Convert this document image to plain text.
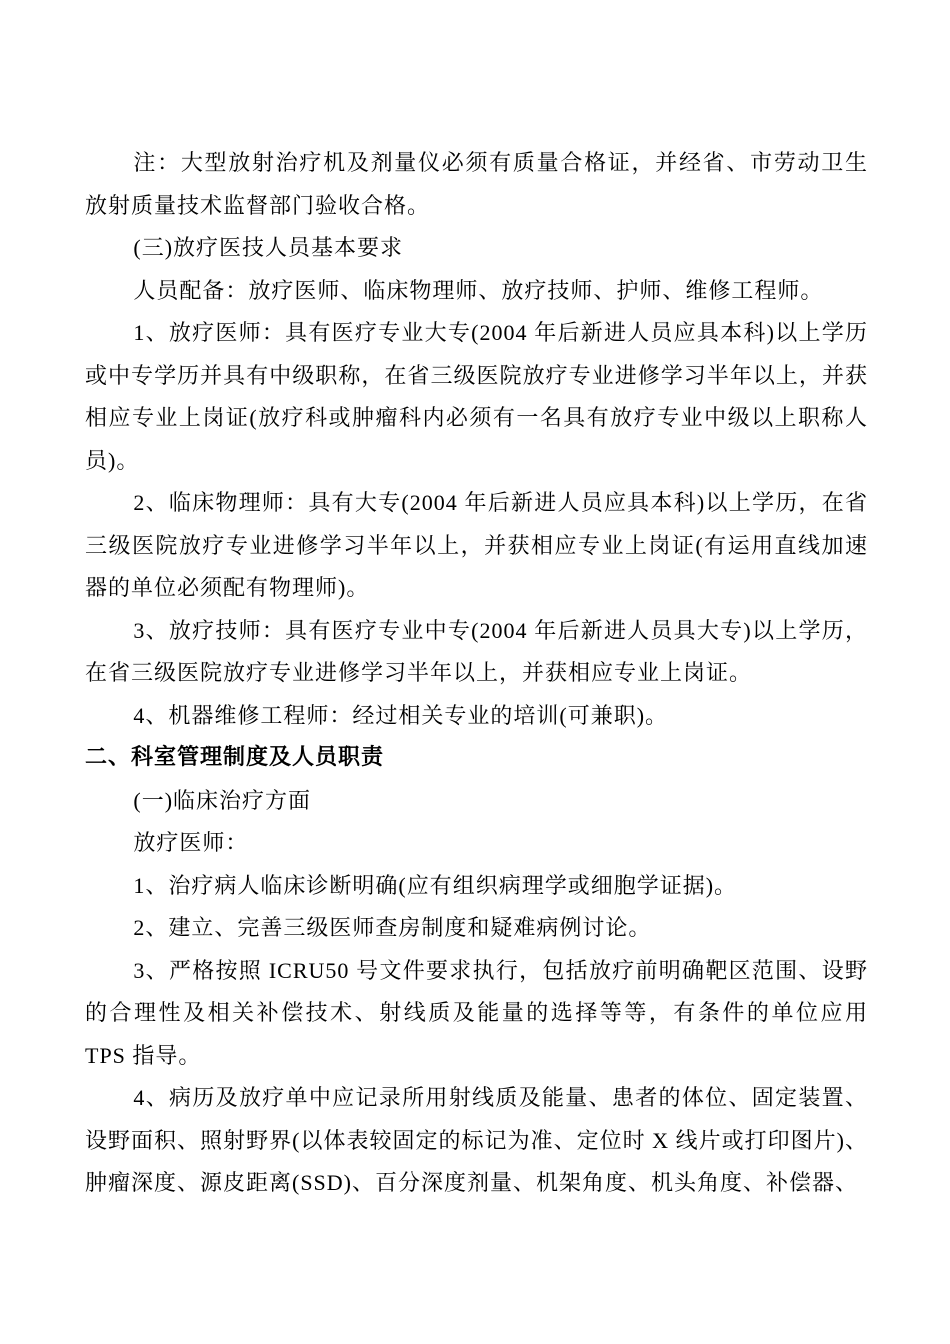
注：大型放射治疗机及剂量仪必须有质量合格证，并经省、市劳动卫生放射质量技术监督部门验收合格。

(三)放疗医技人员基本要求

人员配备：放疗医师、临床物理师、放疗技师、护师、维修工程师。

1、放疗医师：具有医疗专业大专(2004 年后新进人员应具本科)以上学历或中专学历并具有中级职称，在省三级医院放疗专业进修学习半年以上，并获相应专业上岗证(放疗科或肿瘤科内必须有一名具有放疗专业中级以上职称人员)。

2、临床物理师：具有大专(2004 年后新进人员应具本科)以上学历，在省三级医院放疗专业进修学习半年以上，并获相应专业上岗证(有运用直线加速器的单位必须配有物理师)。

3、放疗技师：具有医疗专业中专(2004 年后新进人员具大专)以上学历，在省三级医院放疗专业进修学习半年以上，并获相应专业上岗证。

4、机器维修工程师：经过相关专业的培训(可兼职)。

二、科室管理制度及人员职责

(一)临床治疗方面

放疗医师：

1、治疗病人临床诊断明确(应有组织病理学或细胞学证据)。

2、建立、完善三级医师查房制度和疑难病例讨论。

3、严格按照 ICRU50 号文件要求执行，包括放疗前明确靶区范围、设野的合理性及相关补偿技术、射线质及能量的选择等等，有条件的单位应用 TPS 指导。

4、病历及放疗单中应记录所用射线质及能量、患者的体位、固定装置、设野面积、照射野界(以体表较固定的标记为准、定位时 X 线片或打印图片)、肿瘤深度、源皮距离(SSD)、百分深度剂量、机架角度、机头角度、补偿器、
